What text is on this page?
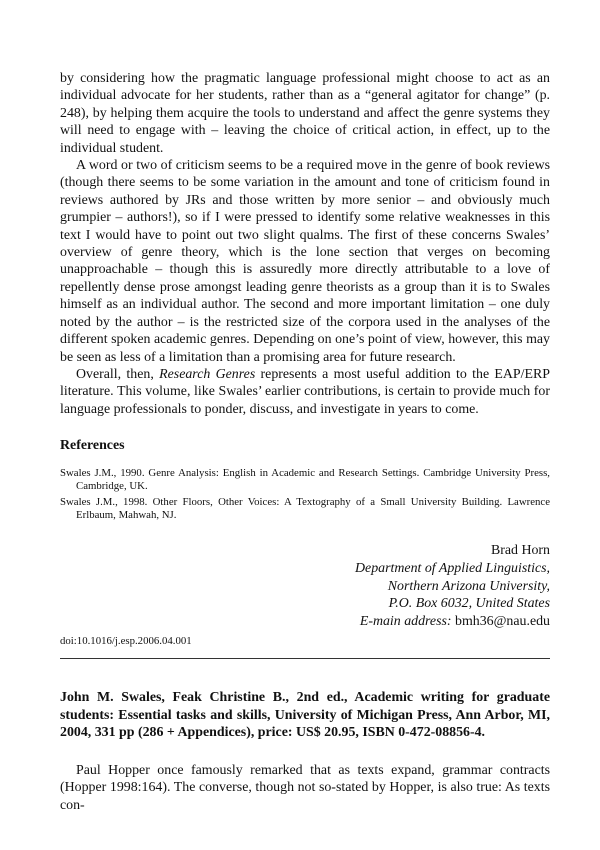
by considering how the pragmatic language professional might choose to act as an individual advocate for her students, rather than as a “general agitator for change” (p. 248), by helping them acquire the tools to understand and affect the genre systems they will need to engage with – leaving the choice of critical action, in effect, up to the individual student.

A word or two of criticism seems to be a required move in the genre of book reviews (though there seems to be some variation in the amount and tone of criticism found in reviews authored by JRs and those written by more senior – and obviously much grumpier – authors!), so if I were pressed to identify some relative weaknesses in this text I would have to point out two slight qualms. The first of these concerns Swales’ overview of genre theory, which is the lone section that verges on becoming unapproachable – though this is assuredly more directly attributable to a love of repellently dense prose amongst leading genre theorists as a group than it is to Swales himself as an individual author. The second and more important limitation – one duly noted by the author – is the restricted size of the corpora used in the analyses of the different spoken academic genres. Depending on one’s point of view, however, this may be seen as less of a limitation than a promising area for future research.

Overall, then, Research Genres represents a most useful addition to the EAP/ERP literature. This volume, like Swales’ earlier contributions, is certain to provide much for language professionals to ponder, discuss, and investigate in years to come.

References

Swales J.M., 1990. Genre Analysis: English in Academic and Research Settings. Cambridge University Press, Cambridge, UK.

Swales J.M., 1998. Other Floors, Other Voices: A Textography of a Small University Building. Lawrence Erlbaum, Mahwah, NJ.

Brad Horn
Department of Applied Linguistics,
Northern Arizona University,
P.O. Box 6032, United States
E-main address: bmh36@nau.edu
doi:10.1016/j.esp.2006.04.001
John M. Swales, Feak Christine B., 2nd ed., Academic writing for graduate students: Essential tasks and skills, University of Michigan Press, Ann Arbor, MI, 2004, 331 pp (286 + Appendices), price: US$ 20.95, ISBN 0-472-08856-4.

Paul Hopper once famously remarked that as texts expand, grammar contracts (Hopper 1998:164). The converse, though not so-stated by Hopper, is also true: As texts con-
